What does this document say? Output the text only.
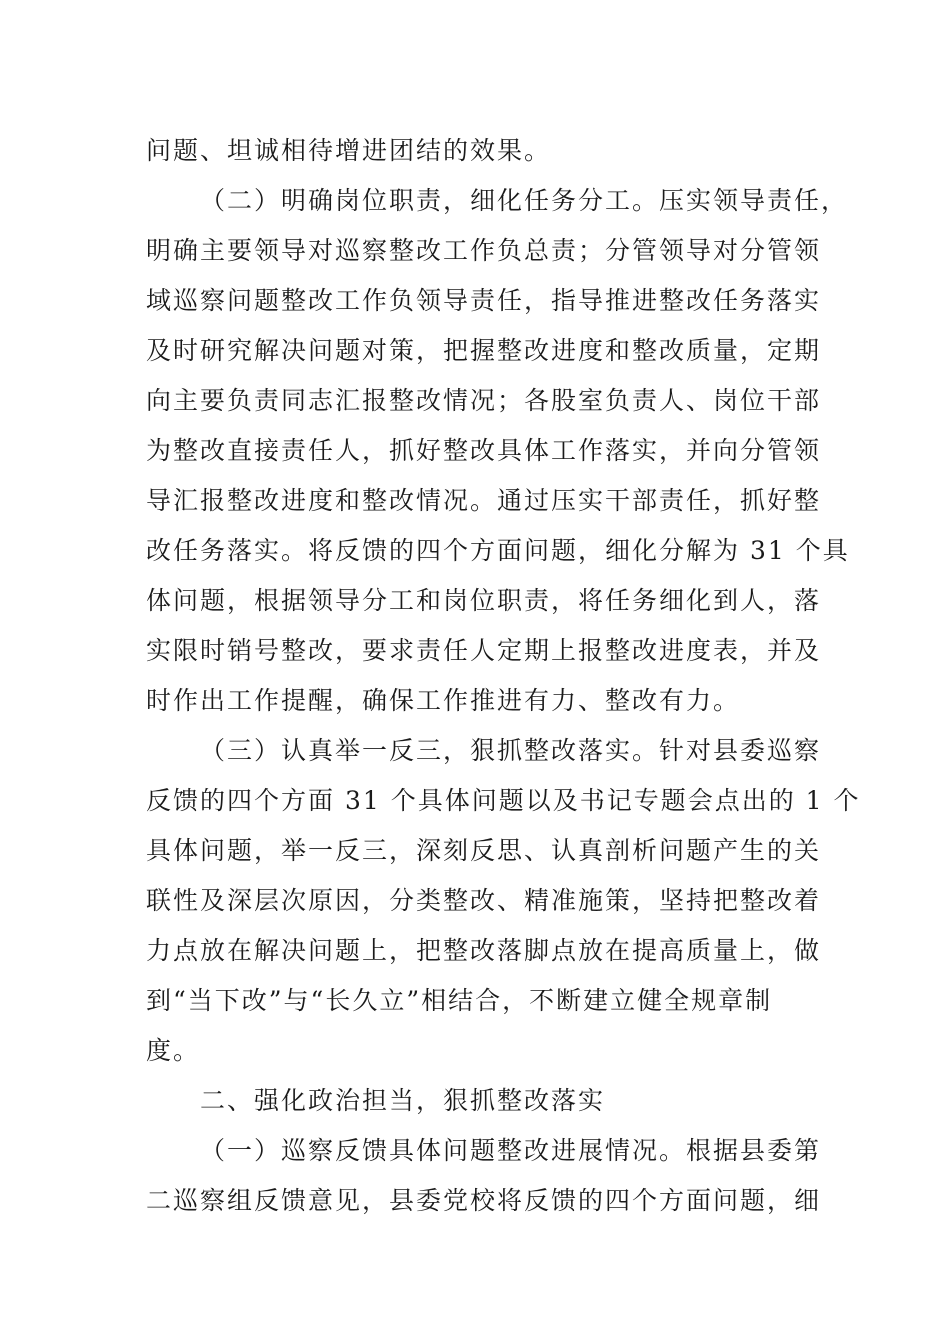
问题、坦诚相待增进团结的效果。
（二）明确岗位职责，细化任务分工。压实领导责任，
明确主要领导对巡察整改工作负总责；分管领导对分管领
域巡察问题整改工作负领导责任，指导推进整改任务落实
及时研究解决问题对策，把握整改进度和整改质量，定期
向主要负责同志汇报整改情况；各股室负责人、岗位干部
为整改直接责任人，抓好整改具体工作落实，并向分管领
导汇报整改进度和整改情况。通过压实干部责任，抓好整
改任务落实。将反馈的四个方面问题，细化分解为 31 个具
体问题，根据领导分工和岗位职责，将任务细化到人，落
实限时销号整改，要求责任人定期上报整改进度表，并及
时作出工作提醒，确保工作推进有力、整改有力。
（三）认真举一反三，狠抓整改落实。针对县委巡察
反馈的四个方面 31 个具体问题以及书记专题会点出的 1 个
具体问题，举一反三，深刻反思、认真剖析问题产生的关
联性及深层次原因，分类整改、精准施策，坚持把整改着
力点放在解决问题上，把整改落脚点放在提高质量上，做
到“当下改”与“长久立”相结合，不断建立健全规章制
度。
二、强化政治担当，狠抓整改落实
（一）巡察反馈具体问题整改进展情况。根据县委第
二巡察组反馈意见，县委党校将反馈的四个方面问题，细
